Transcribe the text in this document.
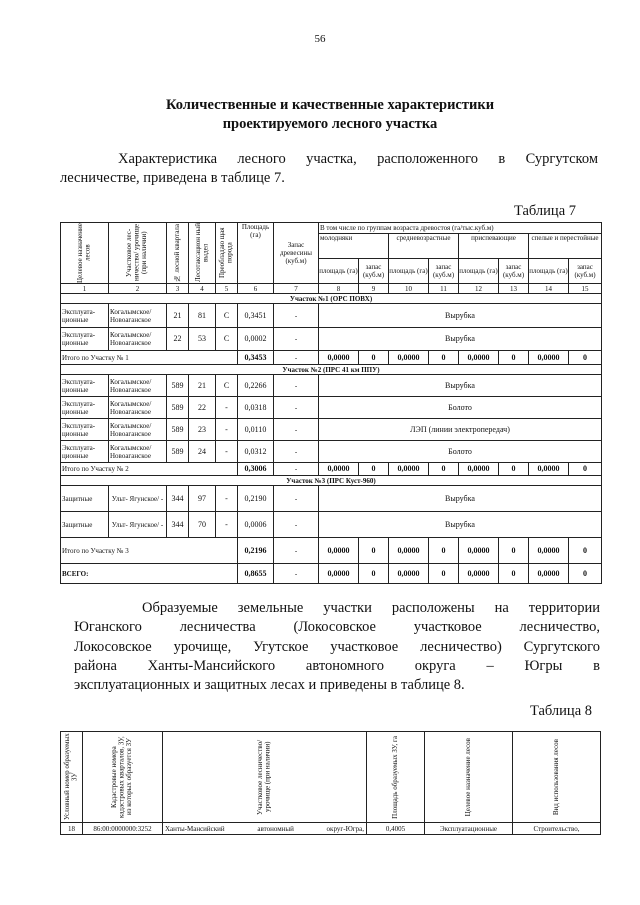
56
Количественные и качественные характеристики
проектируемого лесного участка
Характеристика лесного участка, расположенного в Сургутском
лесничестве, приведена в таблице 7.
Таблица 7
Целевое назначение лесов	Участковое лес- ничество/ урочище (при наличии)	№ лесной квартала	Лесотаксацион ный выдел	Преобладаю щая порода	Площадь (га)	Запас древесины (куб.м)	В том числе по группам возраста древостоя (га/тыс.куб.м)							
							молодняки		средневозрастные		приспевающие		спелые и перестойные	
							площадь (га)	запас (куб.м)	площадь (га)	запас (куб.м)	площадь (га)	запас (куб.м)	площадь (га)	запас (куб.м)
1	2	3	4	5	6	7	8	9	10	11	12	13	14	15
Участок №1 (ОРС ПОВХ)														
Эксплуата- ционные	Когалымское/ Новоаганское	21	81	С	0,3451	-	Вырубка							
Эксплуата- ционные	Когалымское/ Новоаганское	22	53	С	0,0002	-	Вырубка							
Итого по Участку № 1					0,3453	-	0,0000	0	0,0000	0	0,0000	0	0,0000	0
Участок №2 (ПРС 41 км ППУ)														
Эксплуата- ционные	Когалымское/ Новоаганское	589	21	С	0,2266	-	Вырубка							
Эксплуата- ционные	Когалымское/ Новоаганское	589	22	-	0,0318	-	Болото							
Эксплуата- ционные	Когалымское/ Новоаганское	589	23	-	0,0110	-	ЛЭП (линии электропередач)							
Эксплуата- ционные	Когалымское/ Новоаганское	589	24	-	0,0312	-	Болото							
Итого по Участку № 2					0,3006	-	0,0000	0	0,0000	0	0,0000	0	0,0000	0
Участок №3 (ПРС Куст-960)														
Защитные	Ульт- Ягунское/ -	344	97	-	0,2190	-	Вырубка							
Защитные	Ульт- Ягунское/ -	344	70	-	0,0006	-	Вырубка							
Итого по Участку № 3					0,2196	-	0,0000	0	0,0000	0	0,0000	0	0,0000	0
ВСЕГО:					0,8655	-	0,0000	0	0,0000	0	0,0000	0	0,0000	0
Образуемые земельные участки расположены на территории
Юганского лесничества (Локосовское участковое лесничество,
Локосовское урочище, Угутское участковое лесничество) Сургутского
района Ханты-Мансийского автономного округа – Югры в
эксплуатационных и защитных лесах и приведены в таблице 8.
Таблица 8
Условный номер образуемых ЗУ	Кадастровые номера кадастровых кварталов, ЗУ, из которых образуется ЗУ	Участковое лесничество/урочище (при наличии)	Площадь образуемых ЗУ, га	Целевое назначение лесов	Вид использования лесов

18	86:00:0000000:3252	Ханты-Мансийский автономный округ-Югра,	0,4005	Эксплуатационные	Строительство,
